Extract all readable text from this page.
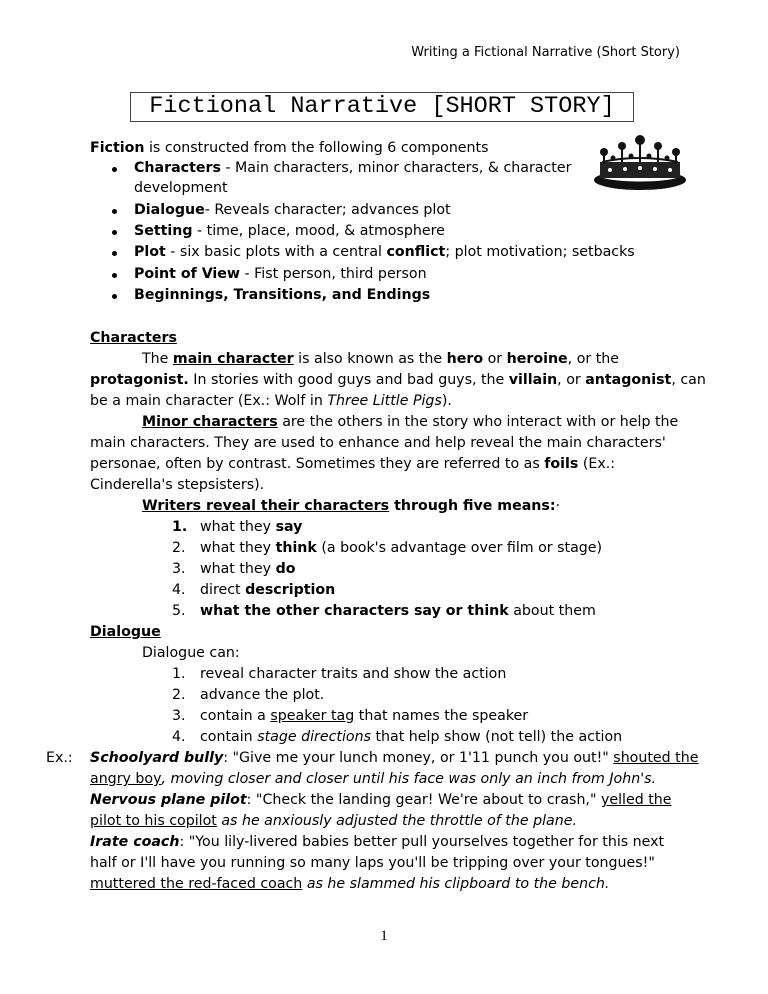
Writing a Fictional Narrative (Short Story)
Fictional Narrative [SHORT STORY]
Fiction is constructed from the following 6 components
Characters - Main characters, minor characters, & character
development
Dialogue- Reveals character; advances plot
Setting - time, place, mood, & atmosphere
Plot - six basic plots with a central conflict; plot motivation; setbacks
Point of View - Fist person, third person
Beginnings, Transitions, and Endings
Characters
The main character is also known as the hero or heroine, or the
protagonist. In stories with good guys and bad guys, the villain, or antagonist, can
be a main character (Ex.: Wolf in Three Little Pigs).
Minor characters are the others in the story who interact with or help the
main characters. They are used to enhance and help reveal the main characters'
personae, often by contrast. Sometimes they are referred to as foils (Ex.:
Cinderella's stepsisters).
Writers reveal their characters through five means:·
1. what they say
2. what they think (a book's advantage over film or stage)
3. what they do
4. direct description
5. what the other characters say or think about them
Dialogue
Dialogue can:
1. reveal character traits and show the action
2. advance the plot.
3. contain a speaker tag that names the speaker
4. contain stage directions that help show (not tell) the action
Ex.: Schoolyard bully: "Give me your lunch money, or 1'11 punch you out!" shouted the
angry boy, moving closer and closer until his face was only an inch from John's.
Nervous plane pilot: "Check the landing gear! We're about to crash," yelled the
pilot to his copilot as he anxiously adjusted the throttle of the plane.
Irate coach: "You lily-livered babies better pull yourselves together for this next
half or I'll have you running so many laps you'll be tripping over your tongues!"
muttered the red-faced coach as he slammed his clipboard to the bench.
1
